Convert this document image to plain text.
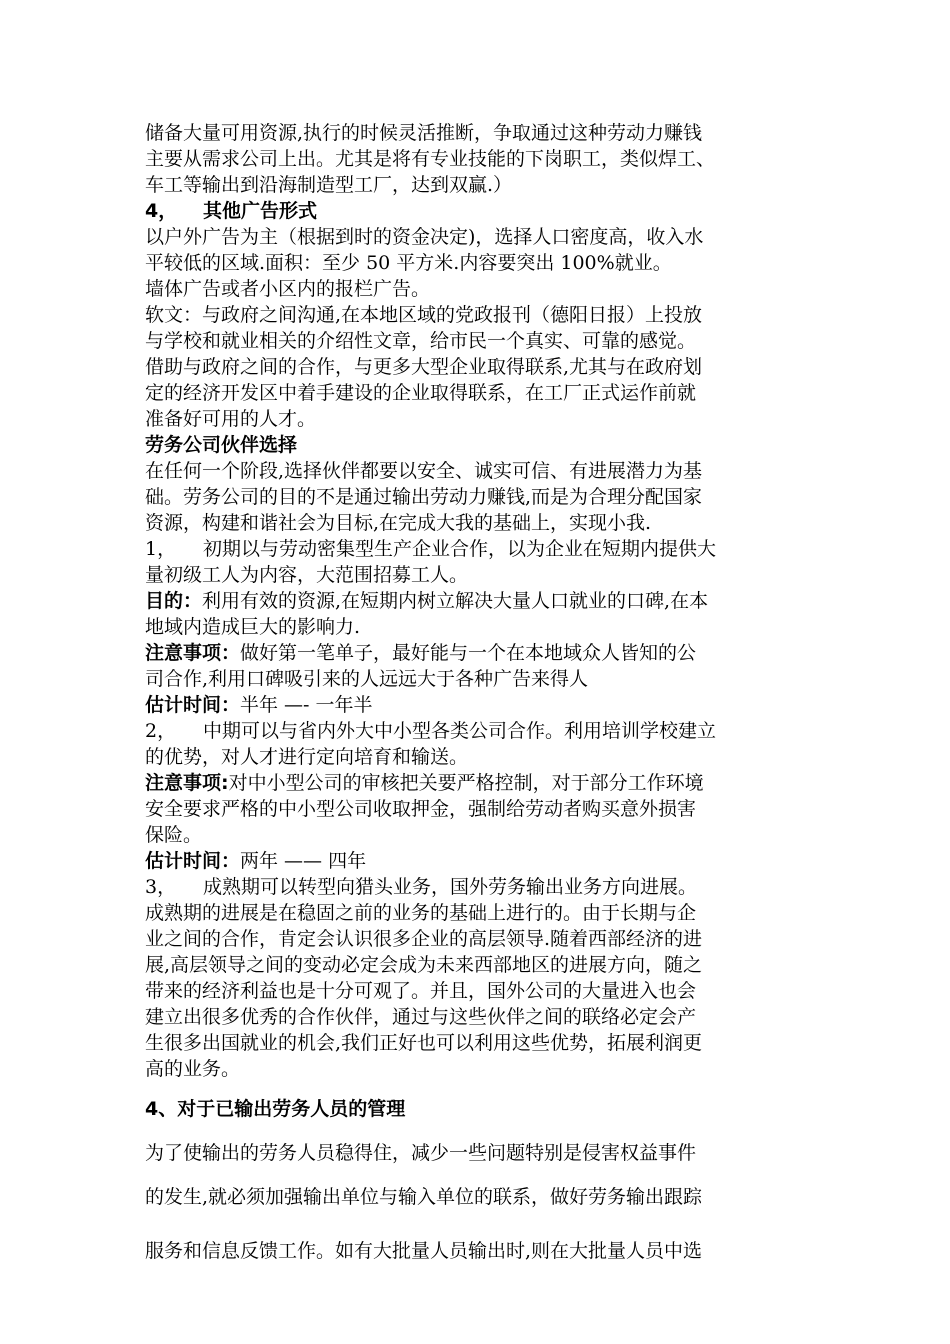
储备大量可用资源,执行的时候灵活推断，争取通过这种劳动力赚钱
主要从需求公司上出。尤其是将有专业技能的下岗职工，类似焊工、
车工等输出到沿海制造型工厂，达到双赢.）
4， 其他广告形式
以户外广告为主（根据到时的资金决定)，选择人口密度高，收入水
平较低的区域.面积：至少 50 平方米.内容要突出 100%就业。
墙体广告或者小区内的报栏广告。
软文：与政府之间沟通,在本地区域的党政报刊（德阳日报）上投放
与学校和就业相关的介绍性文章，给市民一个真实、可靠的感觉。
借助与政府之间的合作，与更多大型企业取得联系,尤其与在政府划
定的经济开发区中着手建设的企业取得联系，在工厂正式运作前就
准备好可用的人才。
劳务公司伙伴选择
在任何一个阶段,选择伙伴都要以安全、诚实可信、有进展潜力为基
础。劳务公司的目的不是通过输出劳动力赚钱,而是为合理分配国家
资源，构建和谐社会为目标,在完成大我的基础上，实现小我.
1， 初期以与劳动密集型生产企业合作，以为企业在短期内提供大
量初级工人为内容，大范围招募工人。
目的：利用有效的资源,在短期内树立解决大量人口就业的口碑,在本
地域内造成巨大的影响力.
注意事项：做好第一笔单子，最好能与一个在本地域众人皆知的公
司合作,利用口碑吸引来的人远远大于各种广告来得人
估计时间：半年 —- 一年半
2， 中期可以与省内外大中小型各类公司合作。利用培训学校建立
的优势，对人才进行定向培育和输送。
注意事项:对中小型公司的审核把关要严格控制，对于部分工作环境
安全要求严格的中小型公司收取押金，强制给劳动者购买意外损害
保险。
估计时间：两年 —— 四年
3， 成熟期可以转型向猎头业务，国外劳务输出业务方向进展。
成熟期的进展是在稳固之前的业务的基础上进行的。由于长期与企
业之间的合作，肯定会认识很多企业的高层领导.随着西部经济的进
展,高层领导之间的变动必定会成为未来西部地区的进展方向，随之
带来的经济利益也是十分可观了。并且，国外公司的大量进入也会
建立出很多优秀的合作伙伴，通过与这些伙伴之间的联络必定会产
生很多出国就业的机会,我们正好也可以利用这些优势，拓展利润更
高的业务。
4、对于已输出劳务人员的管理
为了使输出的劳务人员稳得住，减少一些问题特别是侵害权益事件
的发生,就必须加强输出单位与输入单位的联系，做好劳务输出跟踪
服务和信息反馈工作。如有大批量人员输出时,则在大批量人员中选
